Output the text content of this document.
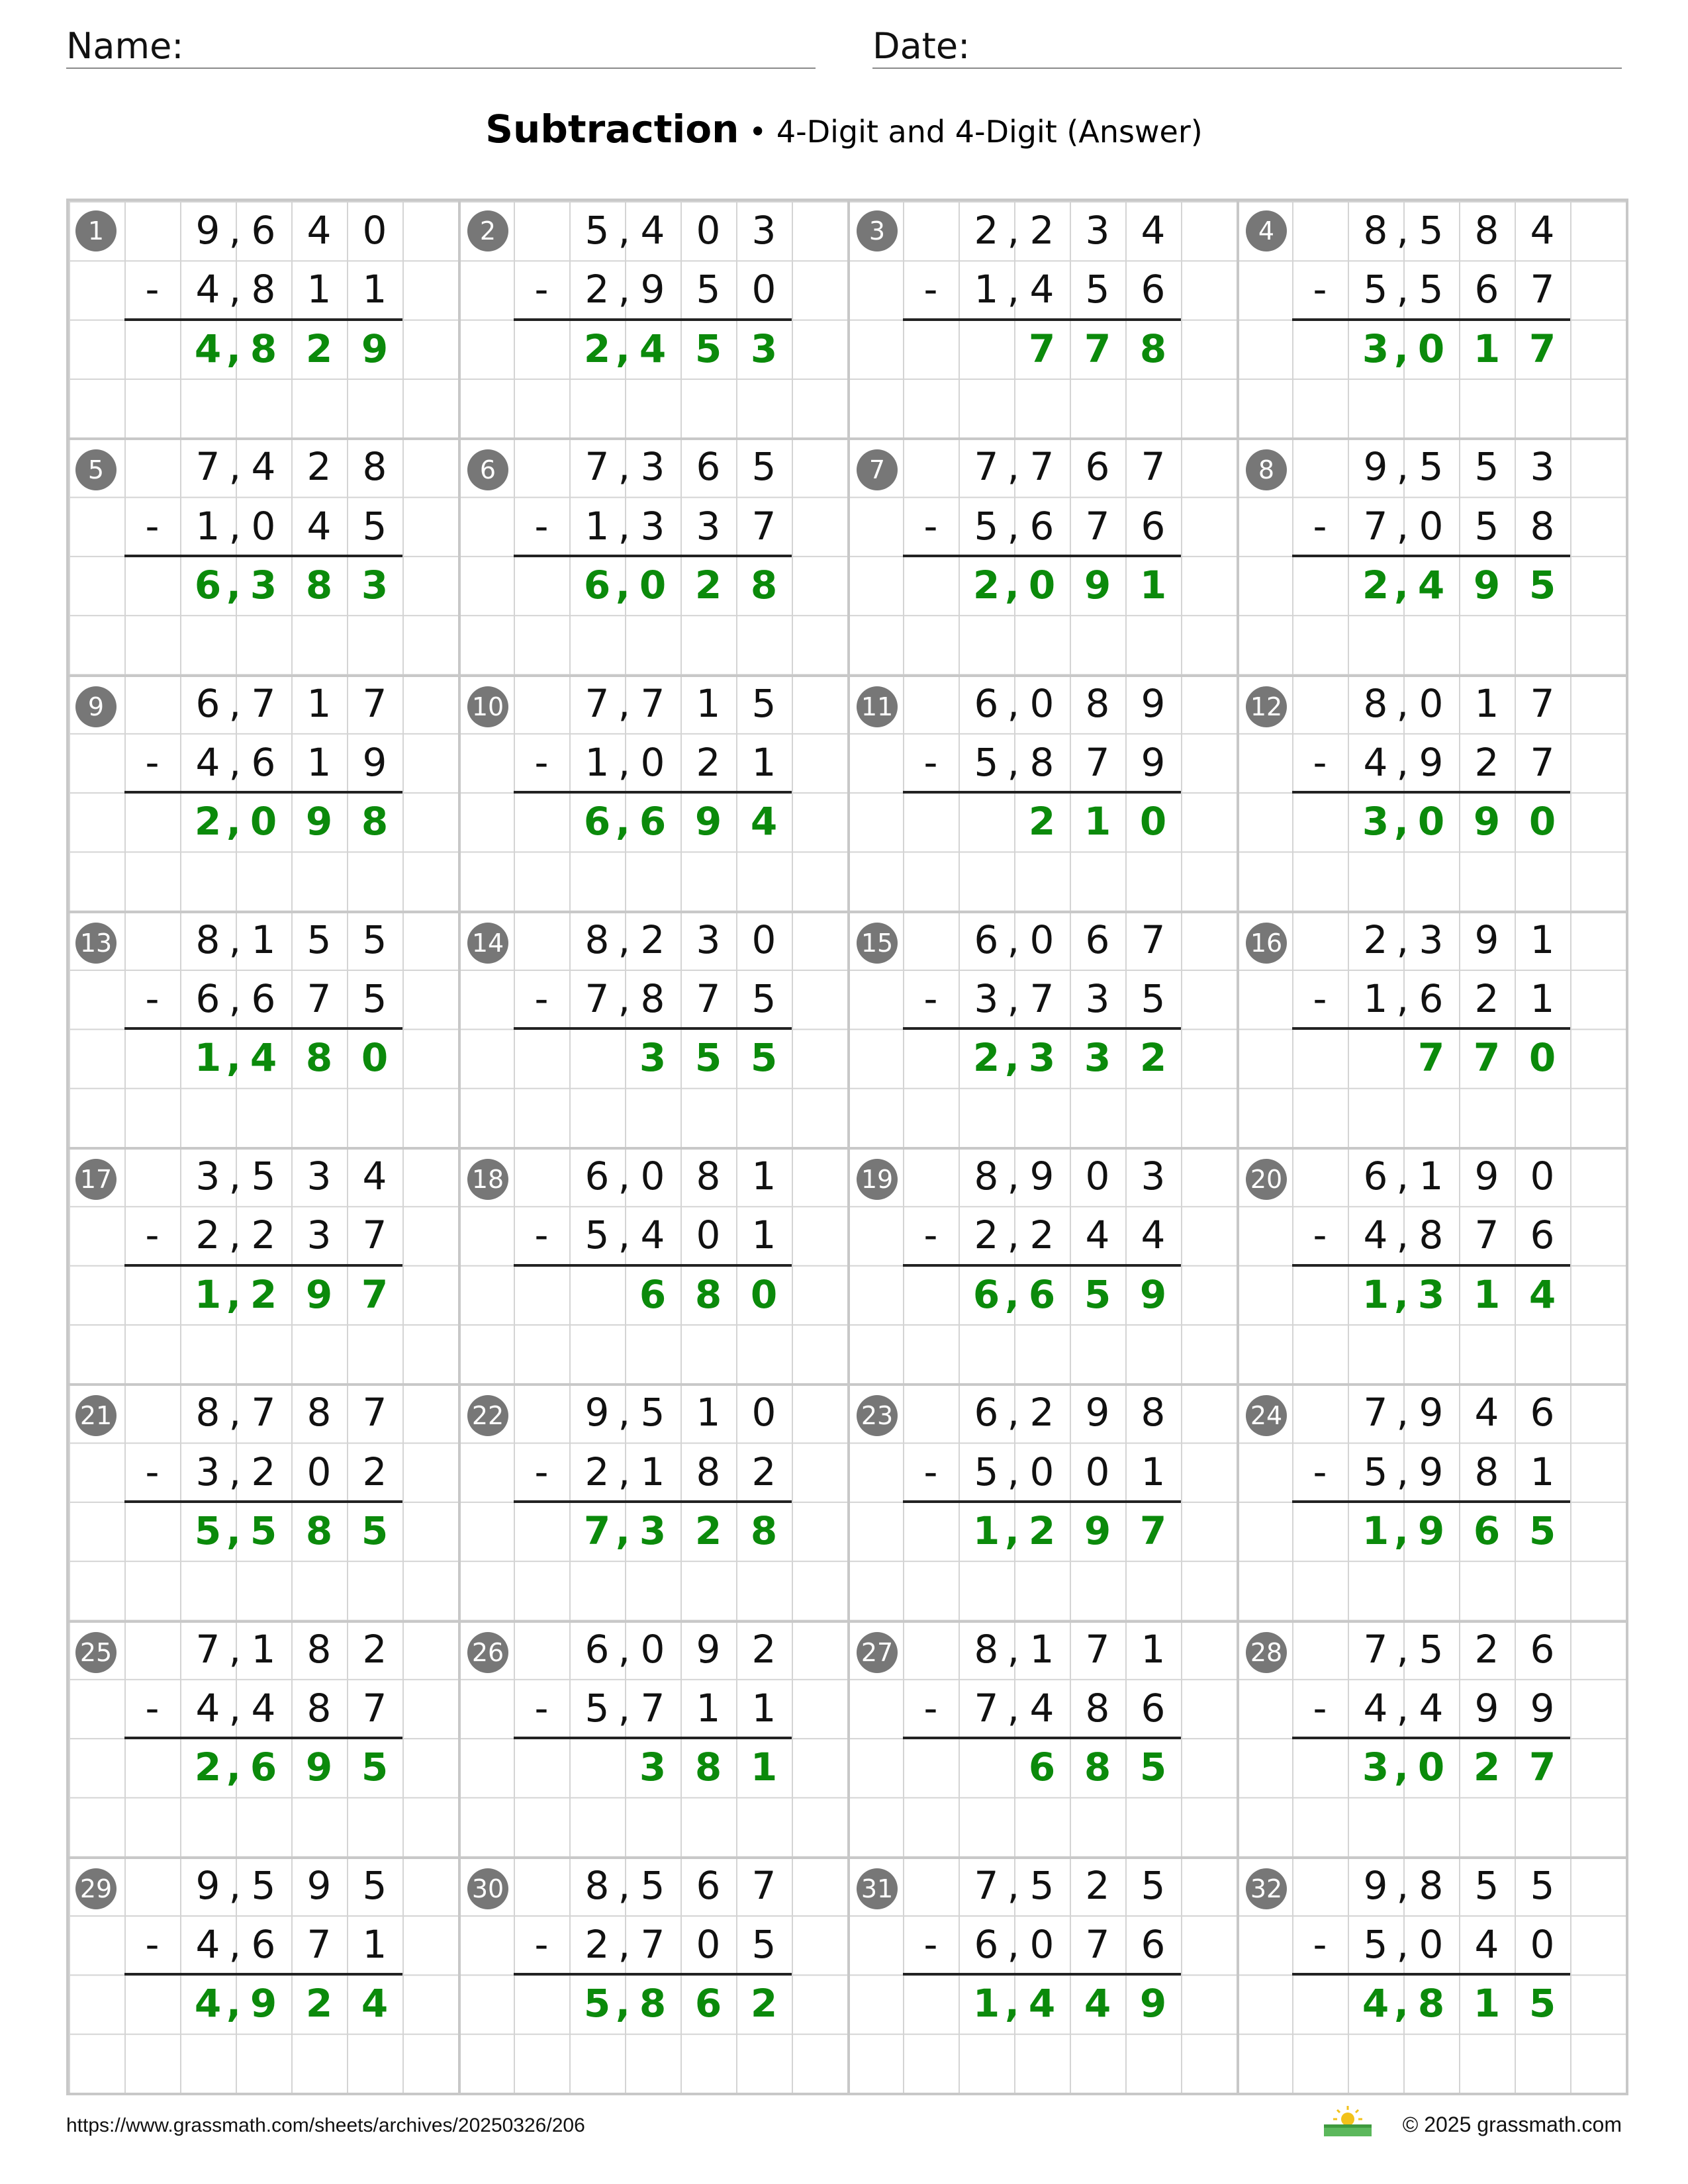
Name:	Date:
Subtraction • 4-Digit and 4-Digit (Answer)
1	9 , 6 4 0
- 4 , 8 1 1
4 , 8 2 9
2	5 , 4 0 3
- 2 , 9 5 0
2 , 4 5 3
3	2 , 2 3 4
- 1 , 4 5 6
7 7 8
4	8 , 5 8 4
- 5 , 5 6 7
3 , 0 1 7
5	7 , 4 2 8
- 1 , 0 4 5
6 , 3 8 3
6	7 , 3 6 5
- 1 , 3 3 7
6 , 0 2 8
7	7 , 7 6 7
- 5 , 6 7 6
2 , 0 9 1
8	9 , 5 5 3
- 7 , 0 5 8
2 , 4 9 5
9	6 , 7 1 7
- 4 , 6 1 9
2 , 0 9 8
10	7 , 7 1 5
- 1 , 0 2 1
6 , 6 9 4
11	6 , 0 8 9
- 5 , 8 7 9
2 1 0
12	8 , 0 1 7
- 4 , 9 2 7
3 , 0 9 0
13	8 , 1 5 5
- 6 , 6 7 5
1 , 4 8 0
14	8 , 2 3 0
- 7 , 8 7 5
3 5 5
15	6 , 0 6 7
- 3 , 7 3 5
2 , 3 3 2
16	2 , 3 9 1
- 1 , 6 2 1
7 7 0
17	3 , 5 3 4
- 2 , 2 3 7
1 , 2 9 7
18	6 , 0 8 1
- 5 , 4 0 1
6 8 0
19	8 , 9 0 3
- 2 , 2 4 4
6 , 6 5 9
20	6 , 1 9 0
- 4 , 8 7 6
1 , 3 1 4
21	8 , 7 8 7
- 3 , 2 0 2
5 , 5 8 5
22	9 , 5 1 0
- 2 , 1 8 2
7 , 3 2 8
23	6 , 2 9 8
- 5 , 0 0 1
1 , 2 9 7
24	7 , 9 4 6
- 5 , 9 8 1
1 , 9 6 5
25	7 , 1 8 2
- 4 , 4 8 7
2 , 6 9 5
26	6 , 0 9 2
- 5 , 7 1 1
3 8 1
27	8 , 1 7 1
- 7 , 4 8 6
6 8 5
28	7 , 5 2 6
- 4 , 4 9 9
3 , 0 2 7
29	9 , 5 9 5
- 4 , 6 7 1
4 , 9 2 4
30	8 , 5 6 7
- 2 , 7 0 5
5 , 8 6 2
31	7 , 5 2 5
- 6 , 0 7 6
1 , 4 4 9
32	9 , 8 5 5
- 5 , 0 4 0
4 , 8 1 5
https://www.grassmath.com/sheets/archives/20250326/206	© 2025 grassmath.com
